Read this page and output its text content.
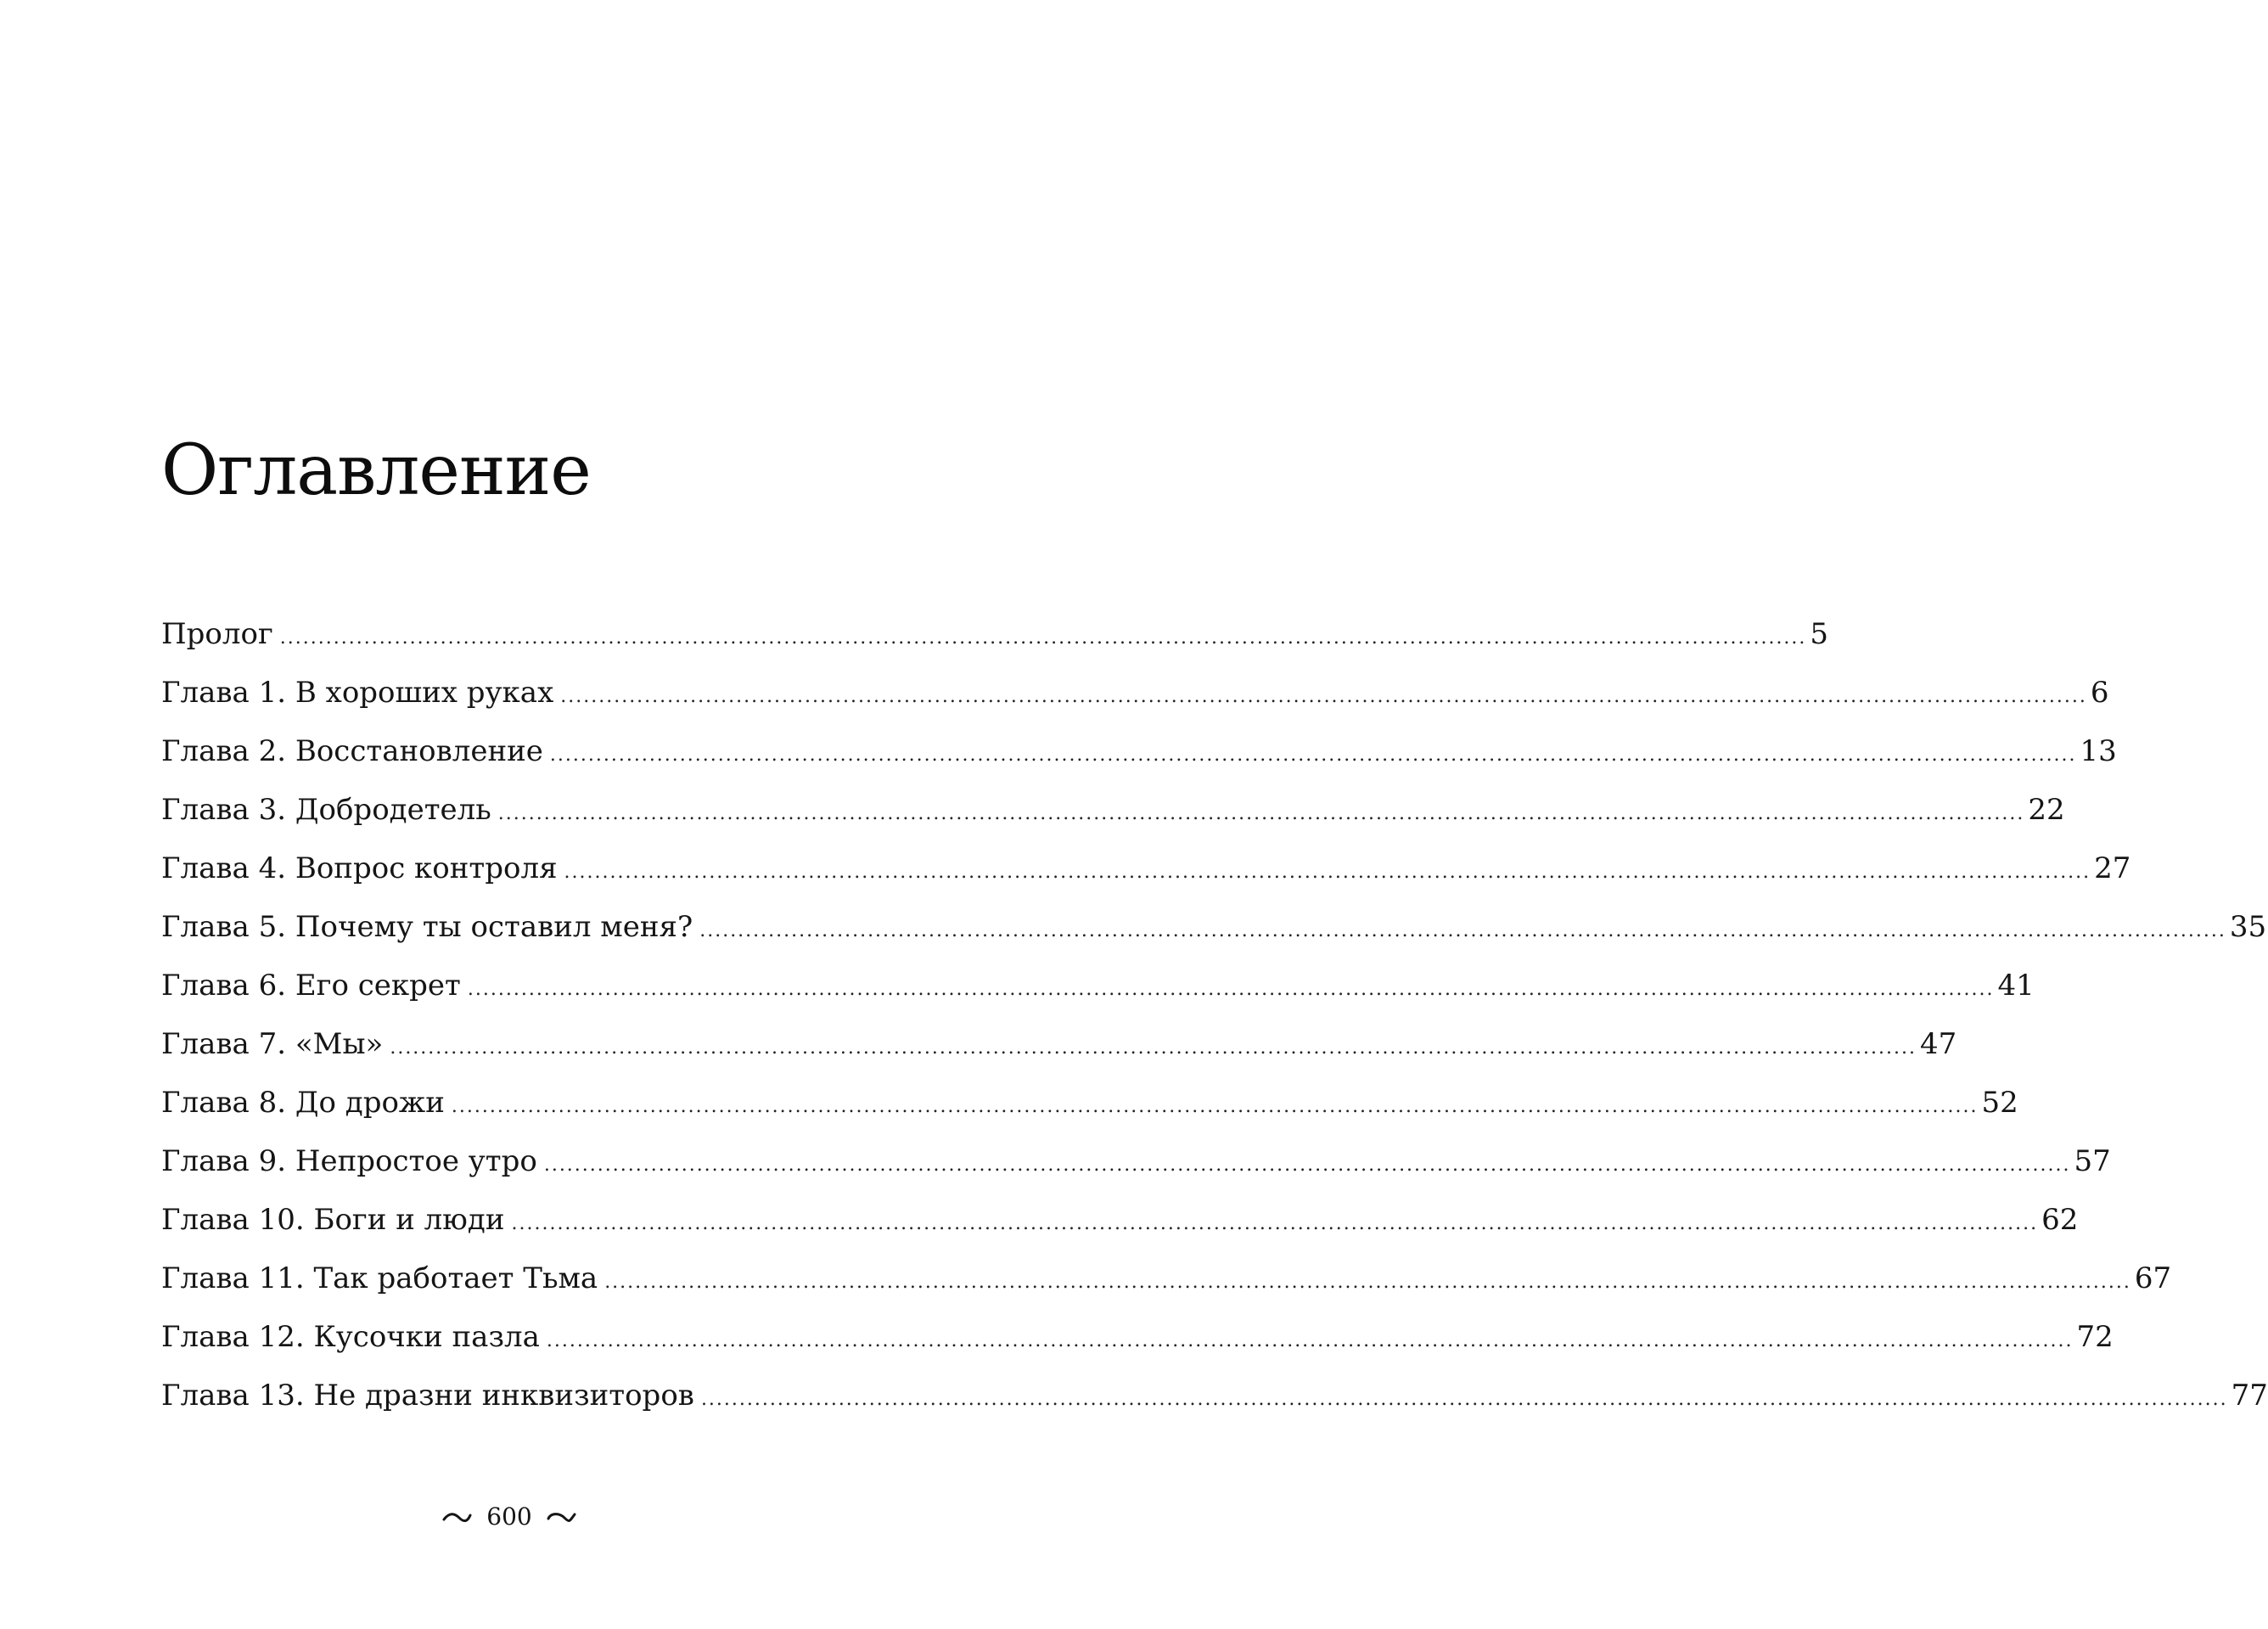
Оглавление
Пролог ........................................................................................................................................................................................................ 5
Глава 1. В хороших руках ........................................................................................................................................................................................................ 6
Глава 2. Восстановление ........................................................................................................................................................................................................ 13
Глава 3. Добродетель ........................................................................................................................................................................................................ 22
Глава 4. Вопрос контроля ........................................................................................................................................................................................................ 27
Глава 5. Почему ты оставил меня? ........................................................................................................................................................................................................ 35
Глава 6. Его секрет ........................................................................................................................................................................................................ 41
Глава 7. «Мы» ........................................................................................................................................................................................................ 47
Глава 8. До дрожи ........................................................................................................................................................................................................ 52
Глава 9. Непростое утро ........................................................................................................................................................................................................ 57
Глава 10. Боги и люди ........................................................................................................................................................................................................ 62
Глава 11. Так работает Тьма ........................................................................................................................................................................................................ 67
Глава 12. Кусочки пазла ........................................................................................................................................................................................................ 72
Глава 13. Не дразни инквизиторов ........................................................................................................................................................................................................ 77
600
